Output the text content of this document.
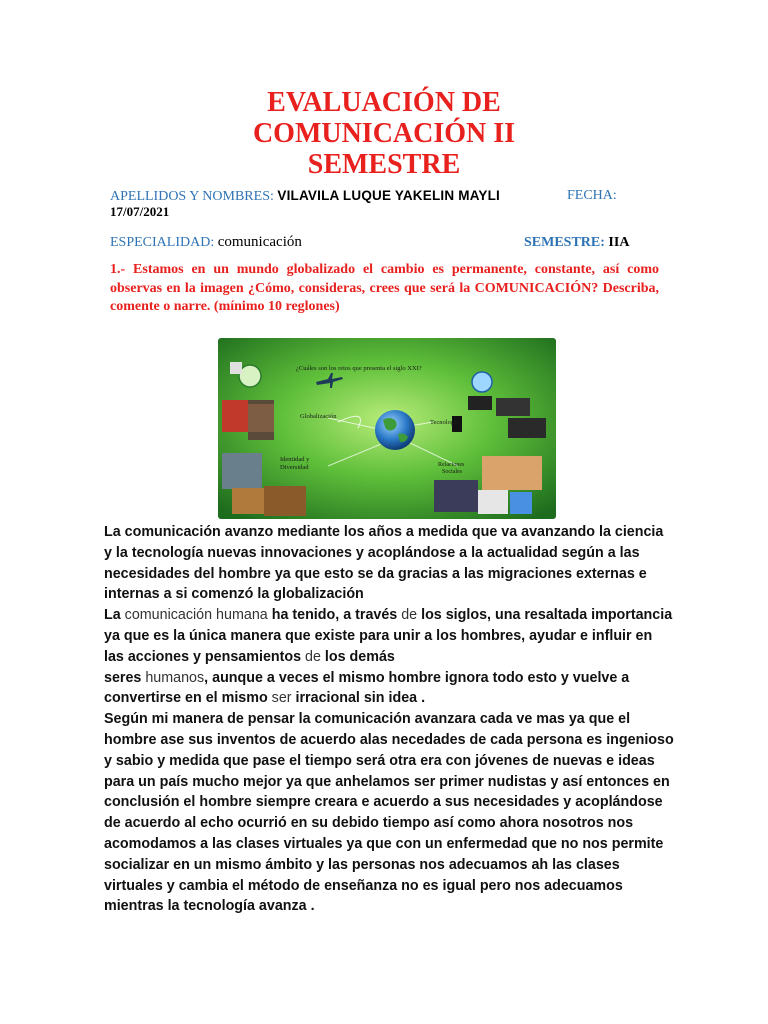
EVALUACIÓN DE
COMUNICACIÓN II
SEMESTRE
APELLIDOS Y NOMBRES: VILAVILA LUQUE YAKELIN MAYLI	FECHA:
17/07/2021
ESPECIALIDAD: comunicación	SEMESTRE: IIA
1.- Estamos en un mundo globalizado el cambio es permanente, constante, así como observas en la imagen ¿Cómo, consideras, crees que será la COMUNICACIÓN? Describa, comente o narre. (mínimo 10 reglones)
¿Cuáles son los retos que presenta el siglo XXI?
Globalización
Tecnología
Identidad y
Diversidad	Relaciones
Sociales

La comunicación avanzo mediante los años a medida que va avanzando la ciencia y la tecnología nuevas innovaciones y acoplándose a la actualidad según a las necesidades del hombre ya que esto se da gracias a las migraciones externas e internas a si comenzó la globalización

La comunicación humana ha tenido, a través de los siglos, una resaltada importancia ya que es la única manera que existe para unir a los hombres, ayudar e influir en las acciones y pensamientos de los demás

seres humanos, aunque a veces el mismo hombre ignora todo esto y vuelve a convertirse en el mismo ser irracional sin idea .

Según mi manera de pensar la comunicación avanzara cada ve mas ya que el hombre ase sus inventos de acuerdo alas necedades de cada persona es ingenioso y sabio y medida que pase el tiempo será otra era con jóvenes de nuevas e ideas para un país mucho mejor ya que anhelamos ser primer nudistas y así entonces en conclusión el hombre siempre creara e acuerdo a sus necesidades y acoplándose de acuerdo al echo ocurrió en su debido tiempo así como ahora nosotros nos acomodamos a las clases virtuales ya que con un enfermedad que no nos permite socializar en un mismo ámbito y las personas nos adecuamos ah las clases virtuales y cambia el método de enseñanza no es igual pero nos adecuamos mientras la tecnología avanza .
